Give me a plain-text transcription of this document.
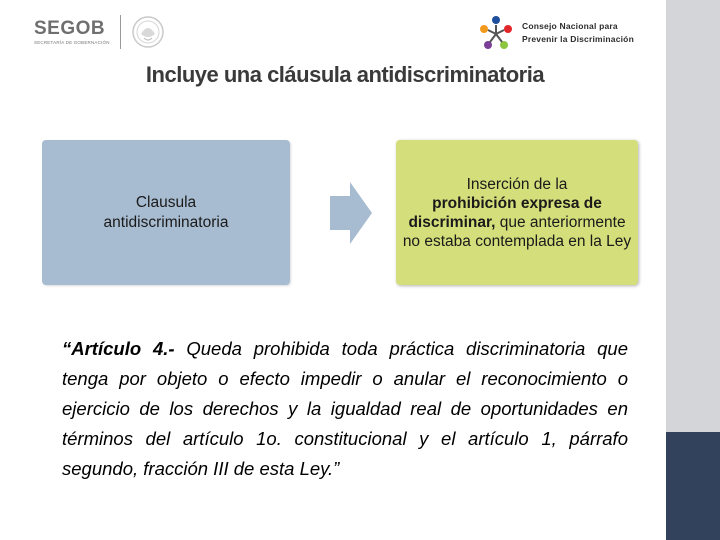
SEGOB
SECRETARÍA DE GOBERNACIÓN
Consejo Nacional para
Prevenir la Discriminación
Incluye una cláusula antidiscriminatoria
Clausula
antidiscriminatoria
Inserción de la
prohibición expresa de discriminar, que anteriormente no estaba contemplada en la Ley
“Artículo 4.- Queda prohibida toda práctica discriminatoria que tenga por objeto o efecto impedir o anular el reconocimiento o ejercicio de los derechos y la igualdad real de oportunidades en términos del artículo 1o. constitucional y el artículo 1, párrafo segundo, fracción III de esta Ley.”
